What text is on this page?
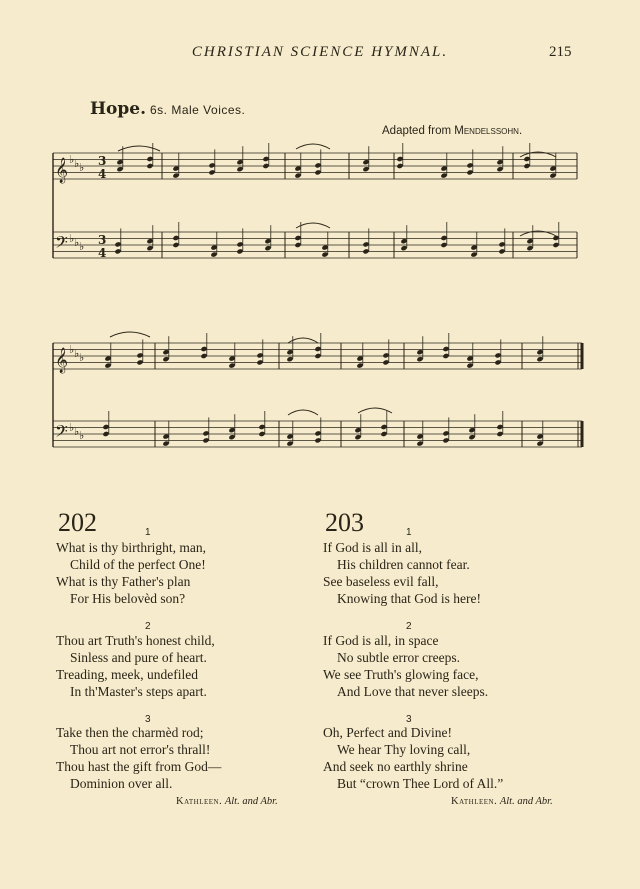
CHRISTIAN SCIENCE HYMNAL.	215
Hope. 6s. Male Voices.
Adapted from Mendelssohn.
𝄞 ♭ ♭ ♭ 3
4
𝄢 ♭ ♭ ♭ 3
4
𝄞 ♭ ♭ ♭
𝄢 ♭ ♭ ♭
202	1
What is thy birthright, man,
Child of the perfect One!
What is thy Father's plan
For His belovèd son?
2
Thou art Truth's honest child,
Sinless and pure of heart.
Treading, meek, undefiled
In th'Master's steps apart.
3
Take then the charmèd rod;
Thou art not error's thrall!
Thou hast the gift from God—
Dominion over all.
Kathleen. Alt. and Abr.
203	1
If God is all in all,
His children cannot fear.
See baseless evil fall,
Knowing that God is here!
2
If God is all, in space
No subtle error creeps.
We see Truth's glowing face,
And Love that never sleeps.
3
Oh, Perfect and Divine!
We hear Thy loving call,
And seek no earthly shrine
But “crown Thee Lord of All.”
Kathleen. Alt. and Abr.
